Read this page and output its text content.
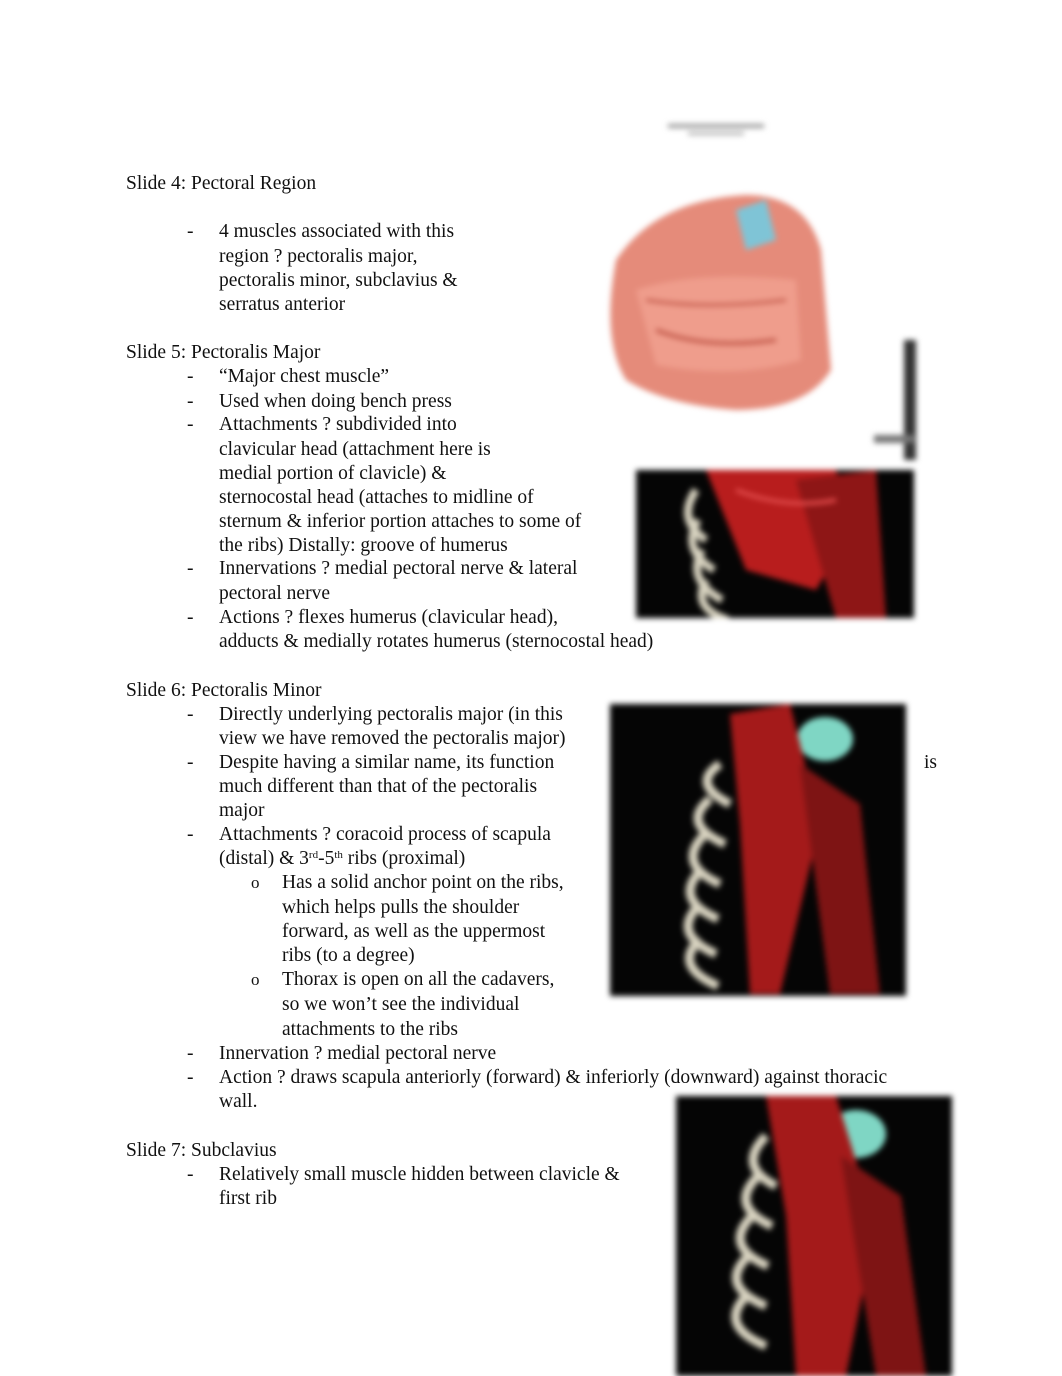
Slide 4: Pectoral Region
-	4 muscles associated with this
region ? pectoralis major,
pectoralis minor, subclavius &
serratus anterior
Slide 5: Pectoralis Major
-	“Major chest muscle”
-	Used when doing bench press
-	Attachments ? subdivided into
clavicular head (attachment here is
medial portion of clavicle) &
sternocostal head (attaches to midline of
sternum & inferior portion attaches to some of
the ribs) Distally: groove of humerus
-	Innervations ? medial pectoral nerve & lateral
pectoral nerve
-	Actions ? flexes humerus (clavicular head),
adducts & medially rotates humerus (sternocostal head)
Slide 6: Pectoralis Minor
-	Directly underlying pectoralis major (in this
view we have removed the pectoralis major)
-	Despite having a similar name, its function	is
much different than that of the pectoralis
major
-	Attachments ? coracoid process of scapula
(distal) & 3rd-5th ribs (proximal)
o Has a solid anchor point on the ribs,
which helps pulls the shoulder
forward, as well as the uppermost
ribs (to a degree)
o Thorax is open on all the cadavers,
so we won’t see the individual
attachments to the ribs
-	Innervation ? medial pectoral nerve
-	Action ? draws scapula anteriorly (forward) & inferiorly (downward) against thoracic
wall.
Slide 7: Subclavius
-	Relatively small muscle hidden between clavicle &
first rib
